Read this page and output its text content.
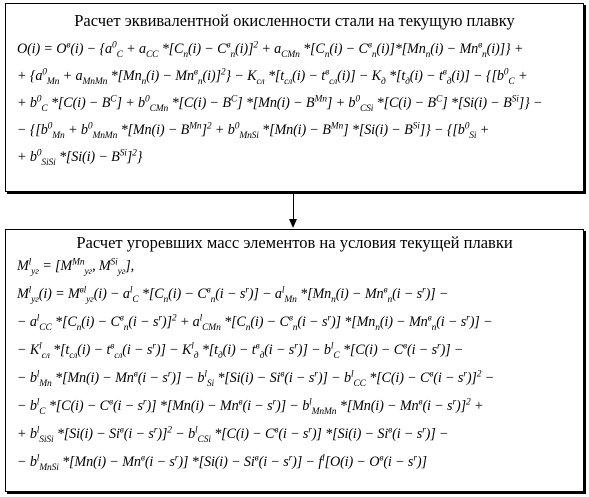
Расчет эквивалентной окисленности стали на текущую плавку
$O(i) = O^в(i) - \{a^0_C + a_{CC}$ $*[C_n(i) - C^в_n(i)]^2 + a_{CMn}$ $*[C_n(i) - C^в_n(i)]*[Mn_n(i) - Mn^в_n(i)]$} +
+ {$a^0_{Mn} + a_{MnMn}$ $*[Mn_n(i) - Mn^в_n(i)]^2\} - K_{сл}$ $*[t_{сл}(i) - t^в_{сл}(i)] - K_д$ $*[t_д(i) - t^в_д(i)] - \{[b^0_C$ +
+ $b^0_C$ $*[C(i) - B^C] + b^0_{CMn}$ $*[C(i) - B^C]$ $*[Mn(i) - B^{Mn}] + b^0_{CSi}$ $*[C(i) - B^C]$ $*[Si(i) - B^{Si}]$} −
− {[$b^0_{Mn} + b^0_{MnMn}$ $*[Mn(i) - B^{Mn}]^2 + b^0_{MnSi}$ $*[Mn(i) - B^{Mn}]$ $*[Si(i) - B^{Si}]\} - \{[b^0_{Si}$ +
+ $b^0_{SiSi}$ $*[Si(i) - B^{Si}]^2$}
Расчет угоревших масс элементов на условия текущей плавки
$M^l_{уг} = [M^{Mn}_{уг}$, $M^{Si}_{уг}$],
$M^l_{уг}(i) = M^{вl}_{уг}(i) - a^l_C$ $*[C_n(i) - C^в_n(i - s^r)] - a^l_{Mn}$ $*[Mn_n(i) - Mn^в_n(i - s^r)]$ −
− $a^l_{CC}$ $*[C_n(i) - C^в_n(i - s^r)]^2 + a^l_{CMn}$ $*[C_n(i) - C^в_n(i - s^r)] *[Mn_n(i) - Mn^в_n(i - s^r)]$ −
− $K^l_{сл}$ $*[t_{сл}(i) - t^в_{сл}(i - s^r)] - K^l_д$ $*[t_д(i) - t^в_д(i - s^r)] - b^l_C$ $*[C(i) - C^в(i - s^r)]$ −
− $b^l_{Mn}$ $*[Mn(i) - Mn^в(i - s^r)] - b^l_{Si}$ $*[Si(i) - Si^в(i - s^r)] - b^l_{CC}$ $*[C(i) - C^в(i - s^r)]^2$ −
− $b^l_C$ $*[C(i) - C^в(i - s^r)]$ $*[Mn(i) - Mn^в(i - s^r)] - b^l_{MnMn}$ $*[Mn(i) - Mn^в(i - s^r)]^2$ +
+ $b^l_{SiSi}$ $*[Si(i) - Si^в(i - s^r)]^2 - b^l_{CSi}$ $*[C(i) - C^в(i - s^r)]$ $*[Si(i) - Si^в(i - s^r)]$ −
− $b^l_{MnSi}$ $*[Mn(i) - Mn^в(i - s^r)]$ $*[Si(i) - Si^в(i - s^r)] - f^l[O(i) - O^в(i - s^r)]$
